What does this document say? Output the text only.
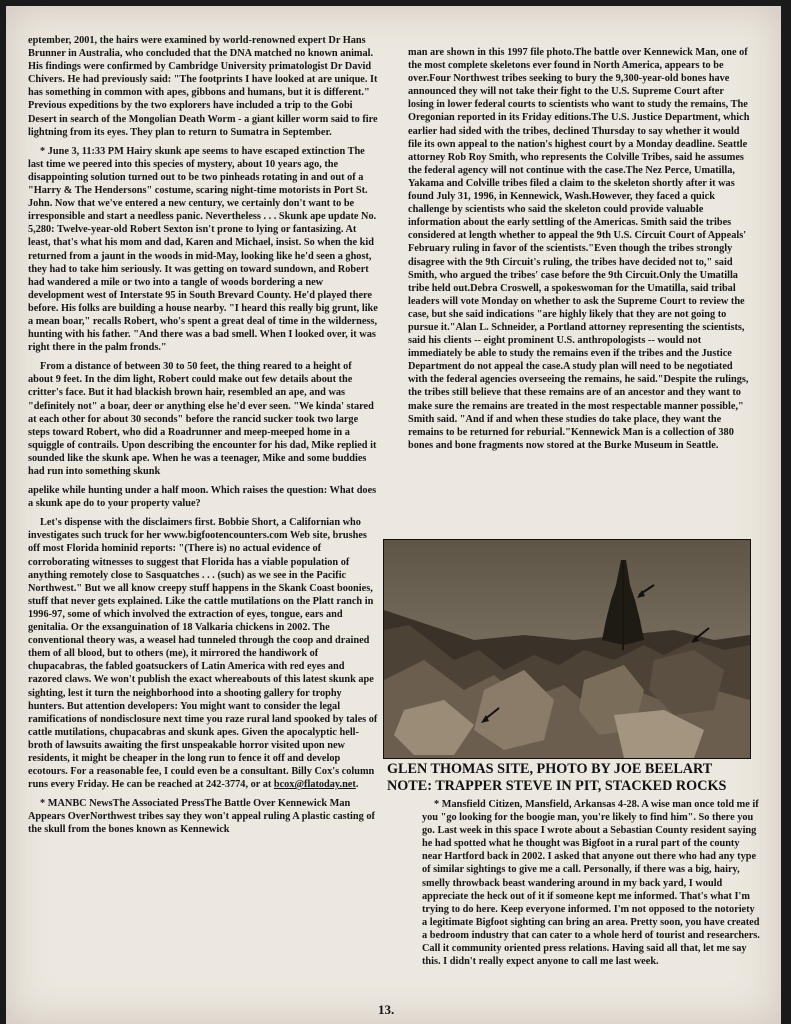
eptember, 2001, the hairs were examined by world-renowned expert Dr Hans Brunner in Australia, who concluded that the DNA matched no known animal. His findings were confirmed by Cambridge University primatologist Dr David Chivers. He had previously said: "The footprints I have looked at are unique. It has something in common with apes, gibbons and humans, but it is different." Previous expeditions by the two explorers have included a trip to the Gobi Desert in search of the Mongolian Death Worm - a giant killer worm said to fire lightning from its eyes. They plan to return to Sumatra in September.

* June 3, 11:33 PM Hairy skunk ape seems to have escaped extinction The last time we peered into this species of mystery, about 10 years ago, the disappointing solution turned out to be two pinheads rotating in and out of a "Harry & The Hendersons" costume, scaring night-time motorists in Port St. John. Now that we've entered a new century, we certainly don't want to be irresponsible and start a needless panic. Nevertheless . . . Skunk ape update No. 5,280: Twelve-year-old Robert Sexton isn't prone to lying or fantasizing. At least, that's what his mom and dad, Karen and Michael, insist. So when the kid returned from a jaunt in the woods in mid-May, looking like he'd seen a ghost, they had to take him seriously. It was getting on toward sundown, and Robert had wandered a mile or two into a tangle of woods bordering a new development west of Interstate 95 in South Brevard County. He'd played there before. His folks are building a house nearby. "I heard this really big grunt, like a mean boar," recalls Robert, who's spent a great deal of time in the wilderness, hunting with his father. "And there was a bad smell. When I looked over, it was right there in the palm fronds."

From a distance of between 30 to 50 feet, the thing reared to a height of about 9 feet. In the dim light, Robert could make out few details about the critter's face. But it had blackish brown hair, resembled an ape, and was "definitely not" a boar, deer or anything else he'd ever seen. "We kinda' stared at each other for about 30 seconds" before the rancid sucker took two large steps toward Robert, who did a Roadrunner and meep-meeped home in a squiggle of contrails. Upon describing the encounter for his dad, Mike replied it sounded like the skunk ape. When he was a teenager, Mike and some buddies had run into something skunk

apelike while hunting under a half moon. Which raises the question: What does a skunk ape do to your property value?

Let's dispense with the disclaimers first. Bobbie Short, a Californian who investigates such truck for her www.bigfootencounters.com Web site, brushes off most Florida hominid reports: "(There is) no actual evidence of corroborating witnesses to suggest that Florida has a viable population of anything remotely close to Sasquatches . . . (such) as we see in the Pacific Northwest." But we all know creepy stuff happens in the Skank Coast boonies, stuff that never gets explained. Like the cattle mutilations on the Platt ranch in 1996-97, some of which involved the extraction of eyes, tongue, ears and genitalia. Or the exsanguination of 18 Valkaria chickens in 2002. The conventional theory was, a weasel had tunneled through the coop and drained them of all blood, but to others (me), it mirrored the handiwork of chupacabras, the fabled goatsuckers of Latin America with red eyes and razored claws. We won't publish the exact whereabouts of this latest skunk ape sighting, lest it turn the neighborhood into a shooting gallery for trophy hunters. But attention developers: You might want to consider the legal ramifications of nondisclosure next time you raze rural land spooked by tales of cattle mutilations, chupacabras and skunk apes. Given the apocalyptic hell-broth of lawsuits awaiting the first unspeakable horror visited upon new residents, it might be cheaper in the long run to fence it off and develop ecotours. For a reasonable fee, I could even be a consultant. Billy Cox's column runs every Friday. He can be reached at 242-3774, or at bcox@flatoday.net.

* MANBC NewsThe Associated PressThe Battle Over Kennewick Man Appears OverNorthwest tribes say they won't appeal ruling A plastic casting of the skull from the bones known as Kennewick

man are shown in this 1997 file photo.The battle over Kennewick Man, one of the most complete skeletons ever found in North America, appears to be over.Four Northwest tribes seeking to bury the 9,300-year-old bones have announced they will not take their fight to the U.S. Supreme Court after losing in lower federal courts to scientists who want to study the remains, The Oregonian reported in its Friday editions.The U.S. Justice Department, which earlier had sided with the tribes, declined Thursday to say whether it would file its own appeal to the nation's highest court by a Monday deadline. Seattle attorney Rob Roy Smith, who represents the Colville Tribes, said he assumes the federal agency will not continue with the case.The Nez Perce, Umatilla, Yakama and Colville tribes filed a claim to the skeleton shortly after it was found July 31, 1996, in Kennewick, Wash.However, they faced a quick challenge by scientists who said the skeleton could provide valuable information about the early settling of the Americas. Smith said the tribes considered at length whether to appeal the 9th U.S. Circuit Court of Appeals' February ruling in favor of the scientists."Even though the tribes strongly disagree with the 9th Circuit's ruling, the tribes have decided not to," said Smith, who argued the tribes' case before the 9th Circuit.Only the Umatilla tribe held out.Debra Croswell, a spokeswoman for the Umatilla, said tribal leaders will vote Monday on whether to ask the Supreme Court to review the case, but she said indications "are highly likely that they are not going to pursue it."Alan L. Schneider, a Portland attorney representing the scientists, said his clients -- eight prominent U.S. anthropologists -- would not immediately be able to study the remains even if the tribes and the Justice Department do not appeal the case.A study plan will need to be negotiated with the federal agencies overseeing the remains, he said."Despite the rulings, the tribes still believe that these remains are of an ancestor and they want to make sure the remains are treated in the most respectable manner possible," Smith said. "And if and when these studies do take place, they want the remains to be returned for reburial."Kennewick Man is a collection of 380 bones and bone fragments now stored at the Burke Museum in Seattle.

GLEN THOMAS SITE, PHOTO BY JOE BEELART
NOTE: TRAPPER STEVE IN PIT, STACKED ROCKS

* Mansfield Citizen, Mansfield, Arkansas 4-28. A wise man once told me if you "go looking for the boogie man, you're likely to find him". So there you go. Last week in this space I wrote about a Sebastian County resident saying he had spotted what he thought was Bigfoot in a rural part of the county near Hartford back in 2002. I asked that anyone out there who had any type of similar sightings to give me a call. Personally, if there was a big, hairy, smelly throwback beast wandering around in my back yard, I would appreciate the heck out of it if someone kept me informed. That's what I'm trying to do here. Keep everyone informed. I'm not opposed to the notoriety a legitimate Bigfoot sighting can bring an area. Pretty soon, you have created a bedroom industry that can cater to a whole herd of tourist and researchers. Call it community oriented press relations. Having said all that, let me say this. I didn't really expect anyone to call me last week.

13.
